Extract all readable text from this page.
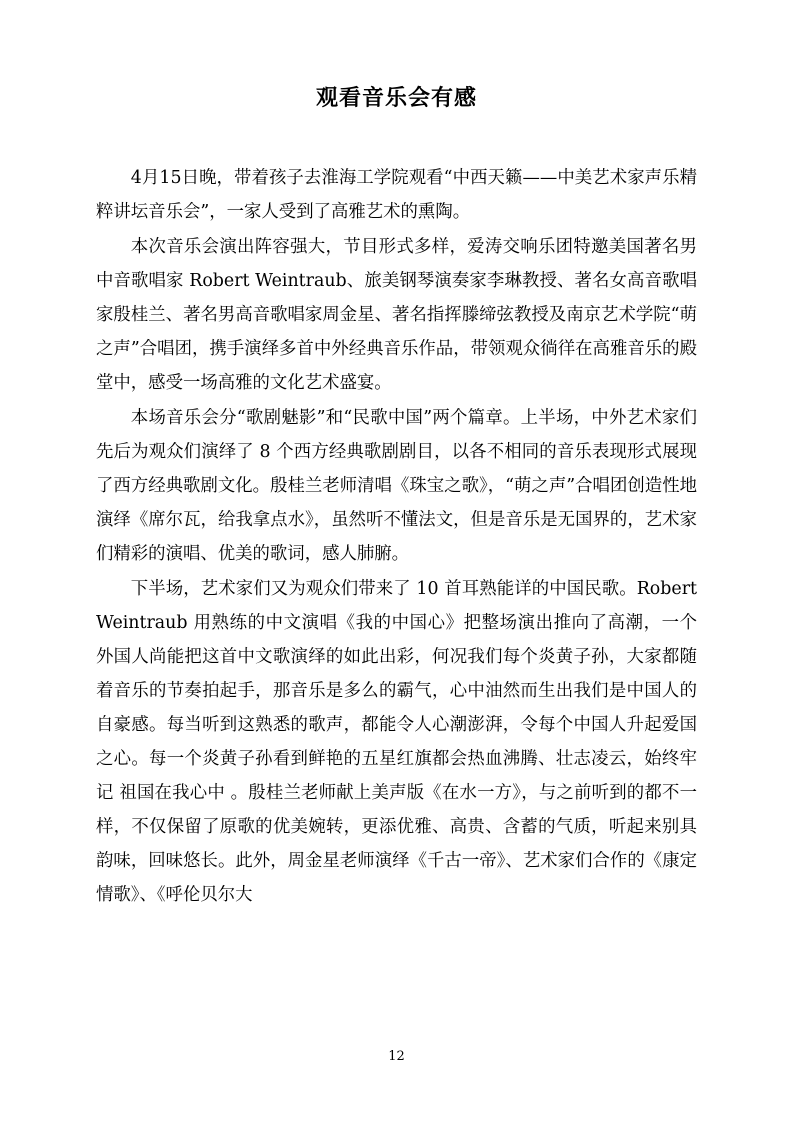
观看音乐会有感

4月15日晚，带着孩子去淮海工学院观看“中西天籁——中美艺术家声乐精粹讲坛音乐会”，一家人受到了高雅艺术的熏陶。

本次音乐会演出阵容强大，节目形式多样，爱涛交响乐团特邀美国著名男中音歌唱家 Robert Weintraub、旅美钢琴演奏家李琳教授、著名女高音歌唱家殷桂兰、著名男高音歌唱家周金星、著名指挥滕缔弦教授及南京艺术学院“萌之声”合唱团，携手演绎多首中外经典音乐作品，带领观众徜徉在高雅音乐的殿堂中，感受一场高雅的文化艺术盛宴。

本场音乐会分“歌剧魅影”和“民歌中国”两个篇章。上半场，中外艺术家们先后为观众们演绎了 8 个西方经典歌剧剧目，以各不相同的音乐表现形式展现了西方经典歌剧文化。殷桂兰老师清唱《珠宝之歌》，“萌之声”合唱团创造性地演绎《席尔瓦，给我拿点水》，虽然听不懂法文，但是音乐是无国界的，艺术家们精彩的演唱、优美的歌词，感人肺腑。

下半场，艺术家们又为观众们带来了 10 首耳熟能详的中国民歌。Robert Weintraub 用熟练的中文演唱《我的中国心》把整场演出推向了高潮，一个外国人尚能把这首中文歌演绎的如此出彩，何况我们每个炎黄子孙，大家都随着音乐的节奏拍起手，那音乐是多么的霸气，心中油然而生出我们是中国人的自豪感。每当听到这熟悉的歌声，都能令人心潮澎湃，令每个中国人升起爱国之心。每一个炎黄子孙看到鲜艳的五星红旗都会热血沸腾、壮志凌云，始终牢记 祖国在我心中 。殷桂兰老师献上美声版《在水一方》，与之前听到的都不一样，不仅保留了原歌的优美婉转，更添优雅、高贵、含蓄的气质，听起来别具韵味，回味悠长。此外，周金星老师演绎《千古一帝》、艺术家们合作的《康定情歌》、《呼伦贝尔大

12
